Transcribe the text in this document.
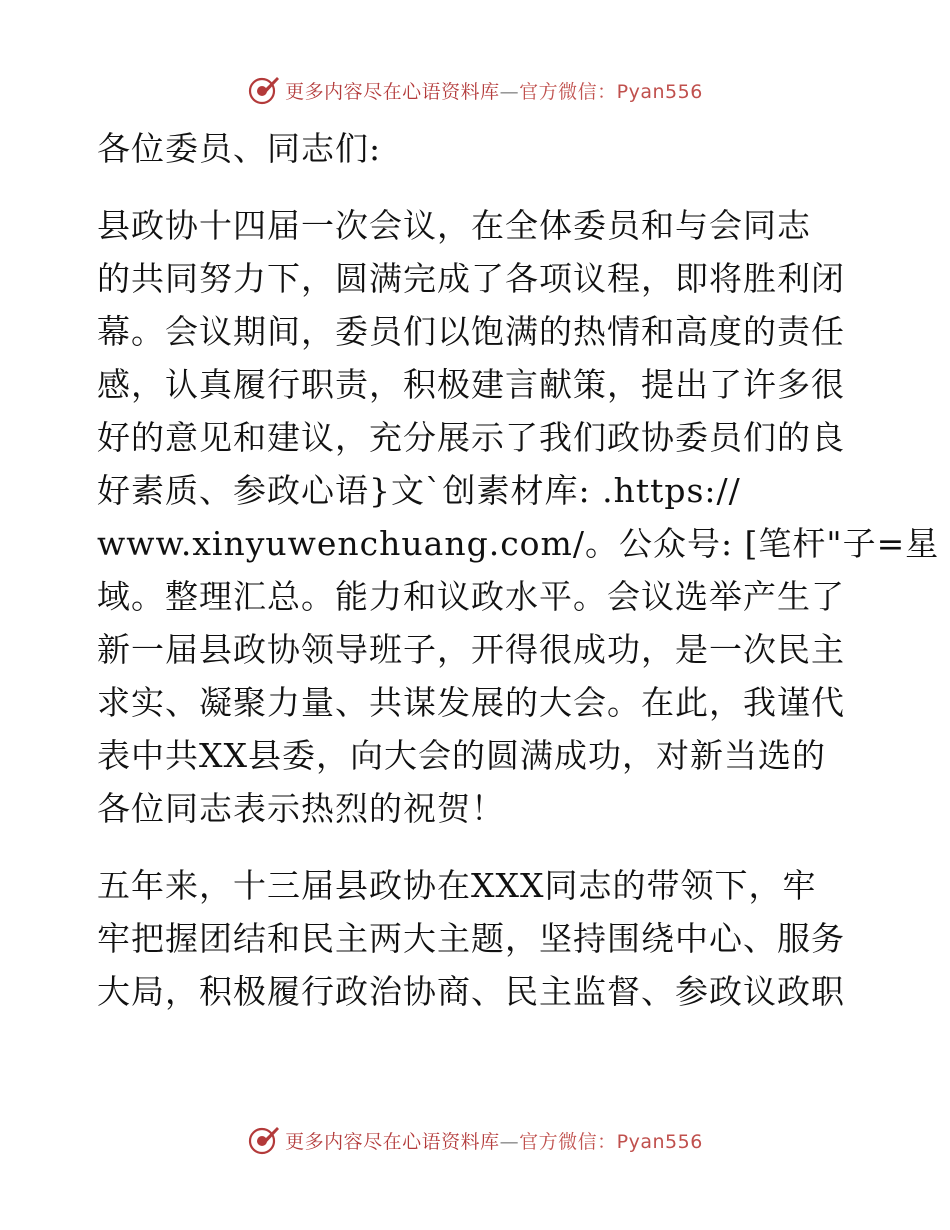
更多内容尽在心语资料库—官方微信：Pyan556
各位委员、同志们:
县政协十四届一次会议，在全体委员和与会同志
的共同努力下，圆满完成了各项议程，即将胜利闭
幕。会议期间，委员们以饱满的热情和高度的责任
感，认真履行职责，积极建言献策，提出了许多很
好的意见和建议，充分展示了我们政协委员们的良
好素质、参政心语}文`创素材库: .https://
www.xinyuwenchuang.com/。公众号: [笔杆"子=星
域。整理汇总。能力和议政水平。会议选举产生了
新一届县政协领导班子，开得很成功，是一次民主
求实、凝聚力量、共谋发展的大会。在此，我谨代
表中共XX县委，向大会的圆满成功，对新当选的
各位同志表示热烈的祝贺！
五年来，十三届县政协在XXX同志的带领下，牢
牢把握团结和民主两大主题，坚持围绕中心、服务
大局，积极履行政治协商、民主监督、参政议政职
更多内容尽在心语资料库—官方微信：Pyan556
